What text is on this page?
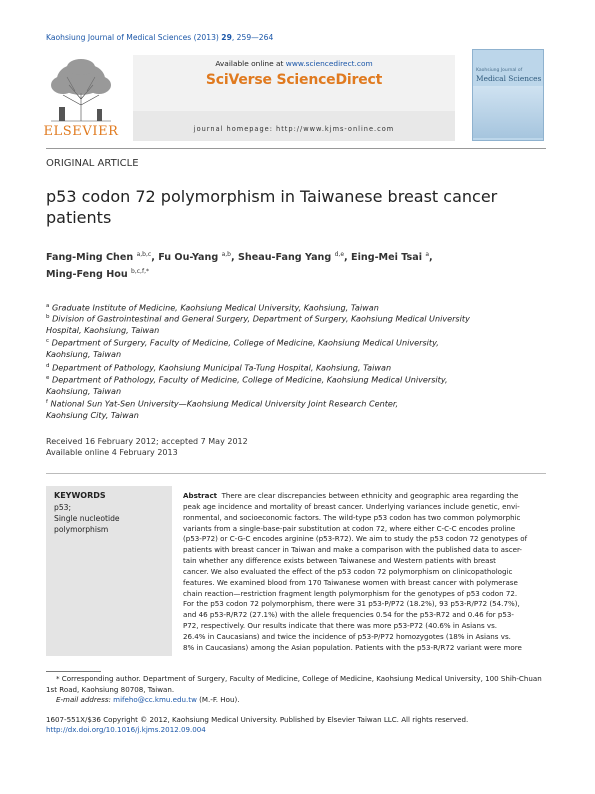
Kaohsiung Journal of Medical Sciences (2013) 29, 259—264
ELSEVIER
Available online at www.sciencedirect.com
SciVerse ScienceDirect
journal homepage: http://www.kjms-online.com
Kaohsiung Journal of
Medical Sciences
ORIGINAL ARTICLE
p53 codon 72 polymorphism in Taiwanese breast cancer
patients
Fang-Ming Chen $^{a,b,c}$, Fu Ou-Yang $^{a,b}$, Sheau-Fang Yang $^{d,e}$, Eing-Mei Tsai $^a$,
Ming-Feng Hou $^{b,c,f,*}$
$^a$ Graduate Institute of Medicine, Kaohsiung Medical University, Kaohsiung, Taiwan
$^b$ Division of Gastrointestinal and General Surgery, Department of Surgery, Kaohsiung Medical University
Hospital, Kaohsiung, Taiwan
$^c$ Department of Surgery, Faculty of Medicine, College of Medicine, Kaohsiung Medical University,
Kaohsiung, Taiwan
$^d$ Department of Pathology, Kaohsiung Municipal Ta-Tung Hospital, Kaohsiung, Taiwan
$^e$ Department of Pathology, Faculty of Medicine, College of Medicine, Kaohsiung Medical University,
Kaohsiung, Taiwan
$^f$ National Sun Yat-Sen University—Kaohsiung Medical University Joint Research Center,
Kaohsiung City, Taiwan
Received 16 February 2012; accepted 7 May 2012
Available online 4 February 2013
KEYWORDS
p53;
Single nucleotide
polymorphism
Abstract There are clear discrepancies between ethnicity and geographic area regarding the
peak age incidence and mortality of breast cancer. Underlying variances include genetic, envi-
ronmental, and socioeconomic factors. The wild-type p53 codon has two common polymorphic
variants from a single-base-pair substitution at codon 72, where either C-C-C encodes proline
(p53-P72) or C-G-C encodes arginine (p53-R72). We aim to study the p53 codon 72 genotypes of
patients with breast cancer in Taiwan and make a comparison with the published data to ascer-
tain whether any difference exists between Taiwanese and Western patients with breast
cancer. We also evaluated the effect of the p53 codon 72 polymorphism on clinicopathologic
features. We examined blood from 170 Taiwanese women with breast cancer with polymerase
chain reaction—restriction fragment length polymorphism for the genotypes of p53 codon 72.
For the p53 codon 72 polymorphism, there were 31 p53-P/P72 (18.2%), 93 p53-R/P72 (54.7%),
and 46 p53-R/R72 (27.1%) with the allele frequencies 0.54 for the p53-R72 and 0.46 for p53-
P72, respectively. Our results indicate that there was more p53-P72 (40.6% in Asians vs.
26.4% in Caucasians) and twice the incidence of p53-P/P72 homozygotes (18% in Asians vs.
8% in Caucasians) among the Asian population. Patients with the p53-R/R72 variant were more
* Corresponding author. Department of Surgery, Faculty of Medicine, College of Medicine, Kaohsiung Medical University, 100 Shih-Chuan
1st Road, Kaohsiung 80708, Taiwan.
E-mail address: mifeho@cc.kmu.edu.tw (M.-F. Hou).
1607-551X/$36 Copyright © 2012, Kaohsiung Medical University. Published by Elsevier Taiwan LLC. All rights reserved.
http://dx.doi.org/10.1016/j.kjms.2012.09.004
